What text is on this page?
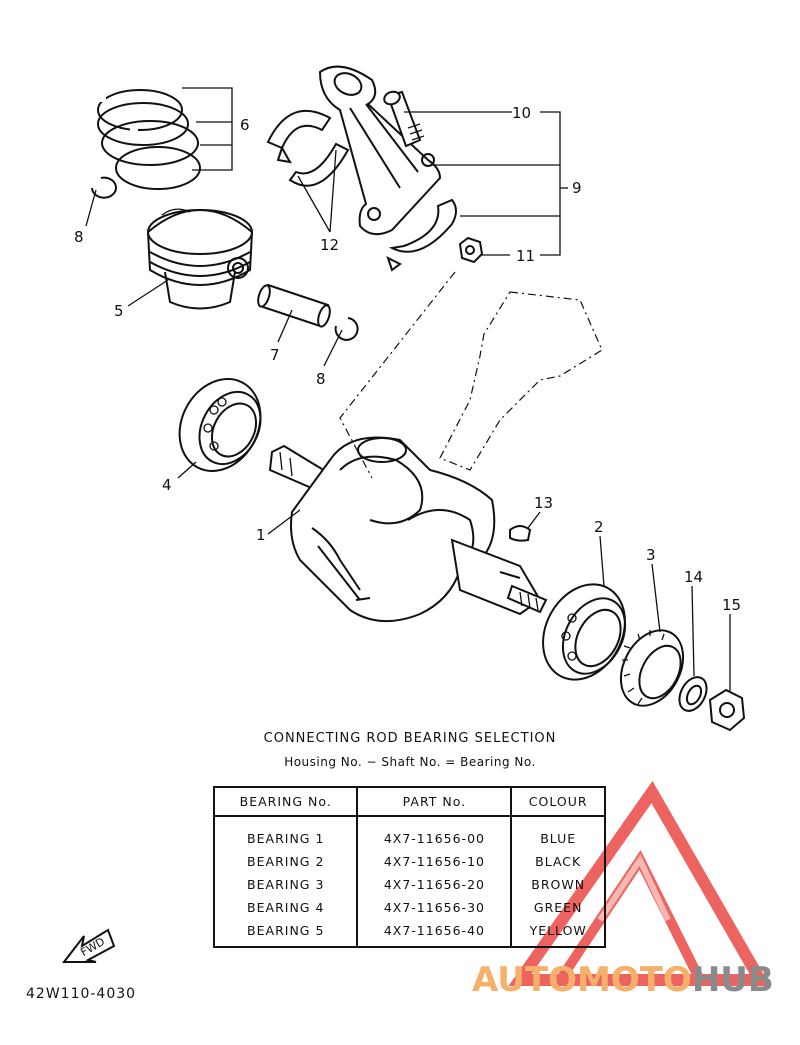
6
8
5
7
8
12
10
9
11
4
1
13
2
3
14
15
FWD
CONNECTING ROD BEARING SELECTION
Housing No. − Shaft No. = Bearing No.
BEARING No.	PART No.	COLOUR
BEARING 1	4X7-11656-00	BLUE
BEARING 2	4X7-11656-10	BLACK
BEARING 3	4X7-11656-20	BROWN
BEARING 4	4X7-11656-30	GREEN
BEARING 5	4X7-11656-40	YELLOW
42W110-4030	AUTOMOTOHUB
